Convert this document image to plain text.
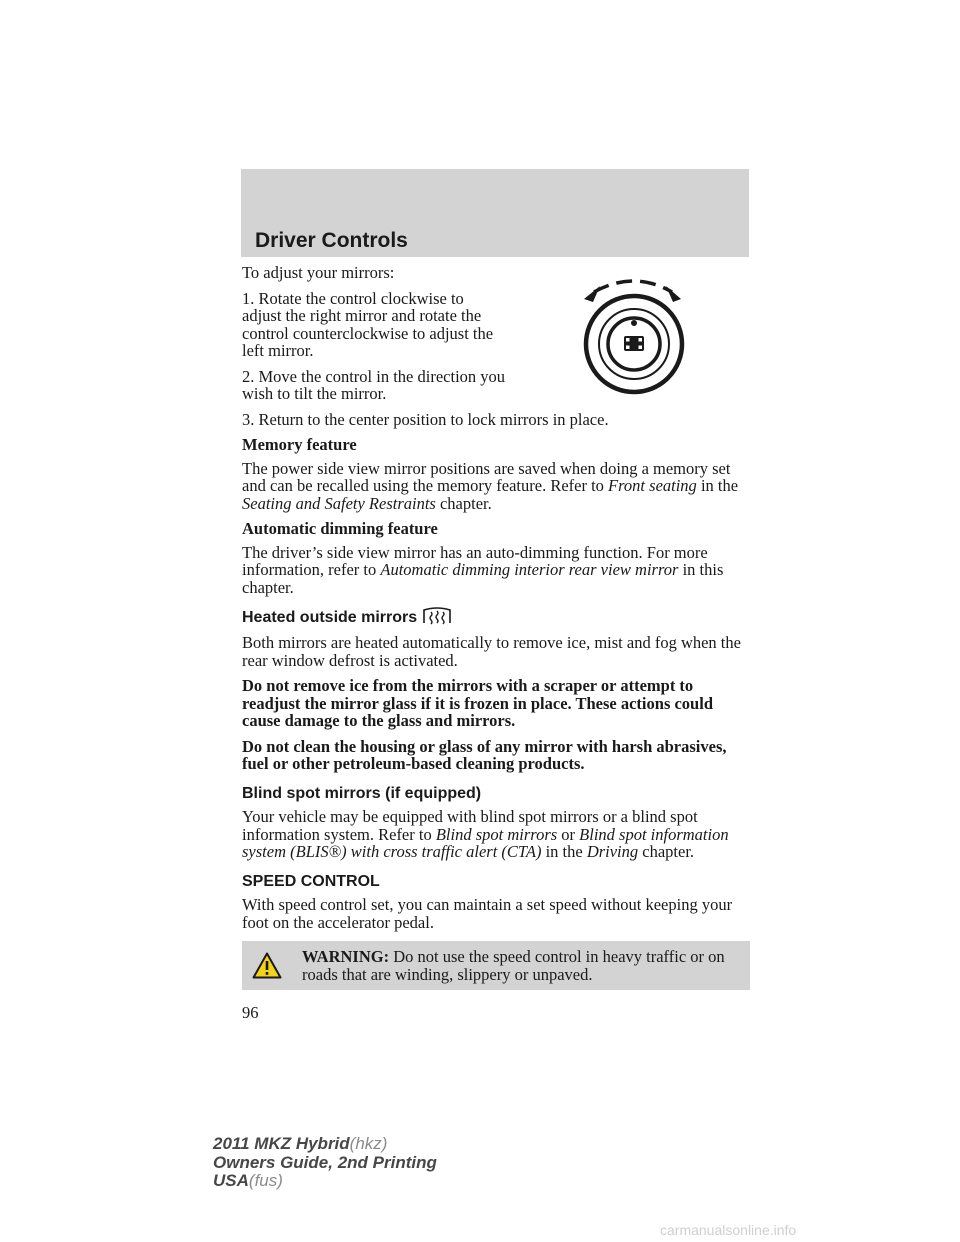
Driver Controls

To adjust your mirrors:

1. Rotate the control clockwise to adjust the right mirror and rotate the control counterclockwise to adjust the left mirror.

2. Move the control in the direction you wish to tilt the mirror.

3. Return to the center position to lock mirrors in place.

Memory feature

The power side view mirror positions are saved when doing a memory set and can be recalled using the memory feature. Refer to Front seating in the Seating and Safety Restraints chapter.

Automatic dimming feature

The driver’s side view mirror has an auto-dimming function. For more information, refer to Automatic dimming interior rear view mirror in this chapter.

Heated outside mirrors

Both mirrors are heated automatically to remove ice, mist and fog when the rear window defrost is activated.

Do not remove ice from the mirrors with a scraper or attempt to readjust the mirror glass if it is frozen in place. These actions could cause damage to the glass and mirrors.

Do not clean the housing or glass of any mirror with harsh abrasives, fuel or other petroleum-based cleaning products.

Blind spot mirrors (if equipped)

Your vehicle may be equipped with blind spot mirrors or a blind spot information system. Refer to Blind spot mirrors or Blind spot information system (BLIS®) with cross traffic alert (CTA) in the Driving chapter.

SPEED CONTROL

With speed control set, you can maintain a set speed without keeping your foot on the accelerator pedal.

WARNING: Do not use the speed control in heavy traffic or on roads that are winding, slippery or unpaved.
96
2011 MKZ Hybrid(hkz)
Owners Guide, 2nd Printing
USA(fus)
carmanualsonline.info
